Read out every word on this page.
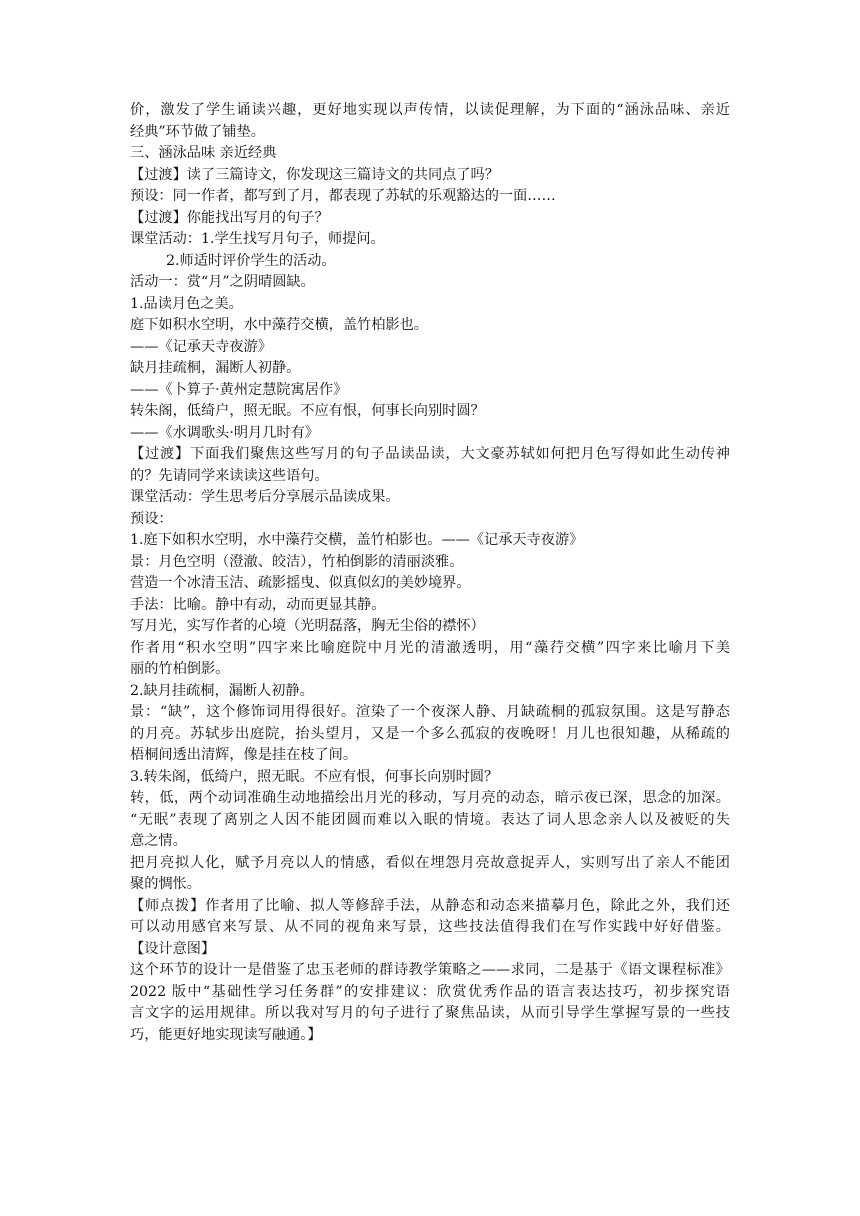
价，激发了学生诵读兴趣，更好地实现以声传情，以读促理解，为下面的“涵泳品味、亲近
经典”环节做了铺垫。
三、涵泳品味 亲近经典
【过渡】读了三篇诗文，你发现这三篇诗文的共同点了吗？
预设：同一作者，都写到了月，都表现了苏轼的乐观豁达的一面……
【过渡】你能找出写月的句子？
课堂活动：1.学生找写月句子，师提问。
2.师适时评价学生的活动。
活动一：赏“月”之阴晴圆缺。
1.品读月色之美。
庭下如积水空明，水中藻荇交横，盖竹柏影也。
——《记承天寺夜游》
缺月挂疏桐，漏断人初静。
——《卜算子·黄州定慧院寓居作》
转朱阁，低绮户，照无眠。不应有恨，何事长向别时圆？
——《水调歌头·明月几时有》
【过渡】下面我们聚焦这些写月的句子品读品读，大文豪苏轼如何把月色写得如此生动传神
的？先请同学来读读这些语句。
课堂活动：学生思考后分享展示品读成果。
预设：
1.庭下如积水空明，水中藻荇交横，盖竹柏影也。——《记承天寺夜游》
景：月色空明（澄澈、皎洁），竹柏倒影的清丽淡雅。
营造一个冰清玉洁、疏影摇曳、似真似幻的美妙境界。
手法：比喻。静中有动，动而更显其静。
写月光，实写作者的心境（光明磊落，胸无尘俗的襟怀）
作者用“积水空明”四字来比喻庭院中月光的清澈透明，用“藻荇交横”四字来比喻月下美
丽的竹柏倒影。
2.缺月挂疏桐，漏断人初静。
景：“缺”，这个修饰词用得很好。渲染了一个夜深人静、月缺疏桐的孤寂氛围。这是写静态
的月亮。苏轼步出庭院，抬头望月，又是一个多么孤寂的夜晚呀！月儿也很知趣，从稀疏的
梧桐间透出清辉，像是挂在枝了间。
3.转朱阁，低绮户，照无眠。不应有恨，何事长向别时圆？
转，低，两个动词准确生动地描绘出月光的移动，写月亮的动态，暗示夜已深，思念的加深。
“无眠”表现了离别之人因不能团圆而难以入眠的情境。表达了词人思念亲人以及被贬的失
意之情。
把月亮拟人化，赋予月亮以人的情感，看似在埋怨月亮故意捉弄人，实则写出了亲人不能团
聚的惆怅。
【师点拨】作者用了比喻、拟人等修辞手法，从静态和动态来描摹月色，除此之外，我们还
可以动用感官来写景、从不同的视角来写景，这些技法值得我们在写作实践中好好借鉴。
【设计意图】
这个环节的设计一是借鉴了忠玉老师的群诗教学策略之——求同，二是基于《语文课程标准》
2022 版中“基础性学习任务群”的安排建议：欣赏优秀作品的语言表达技巧，初步探究语
言文字的运用规律。所以我对写月的句子进行了聚焦品读，从而引导学生掌握写景的一些技
巧，能更好地实现读写融通。】
